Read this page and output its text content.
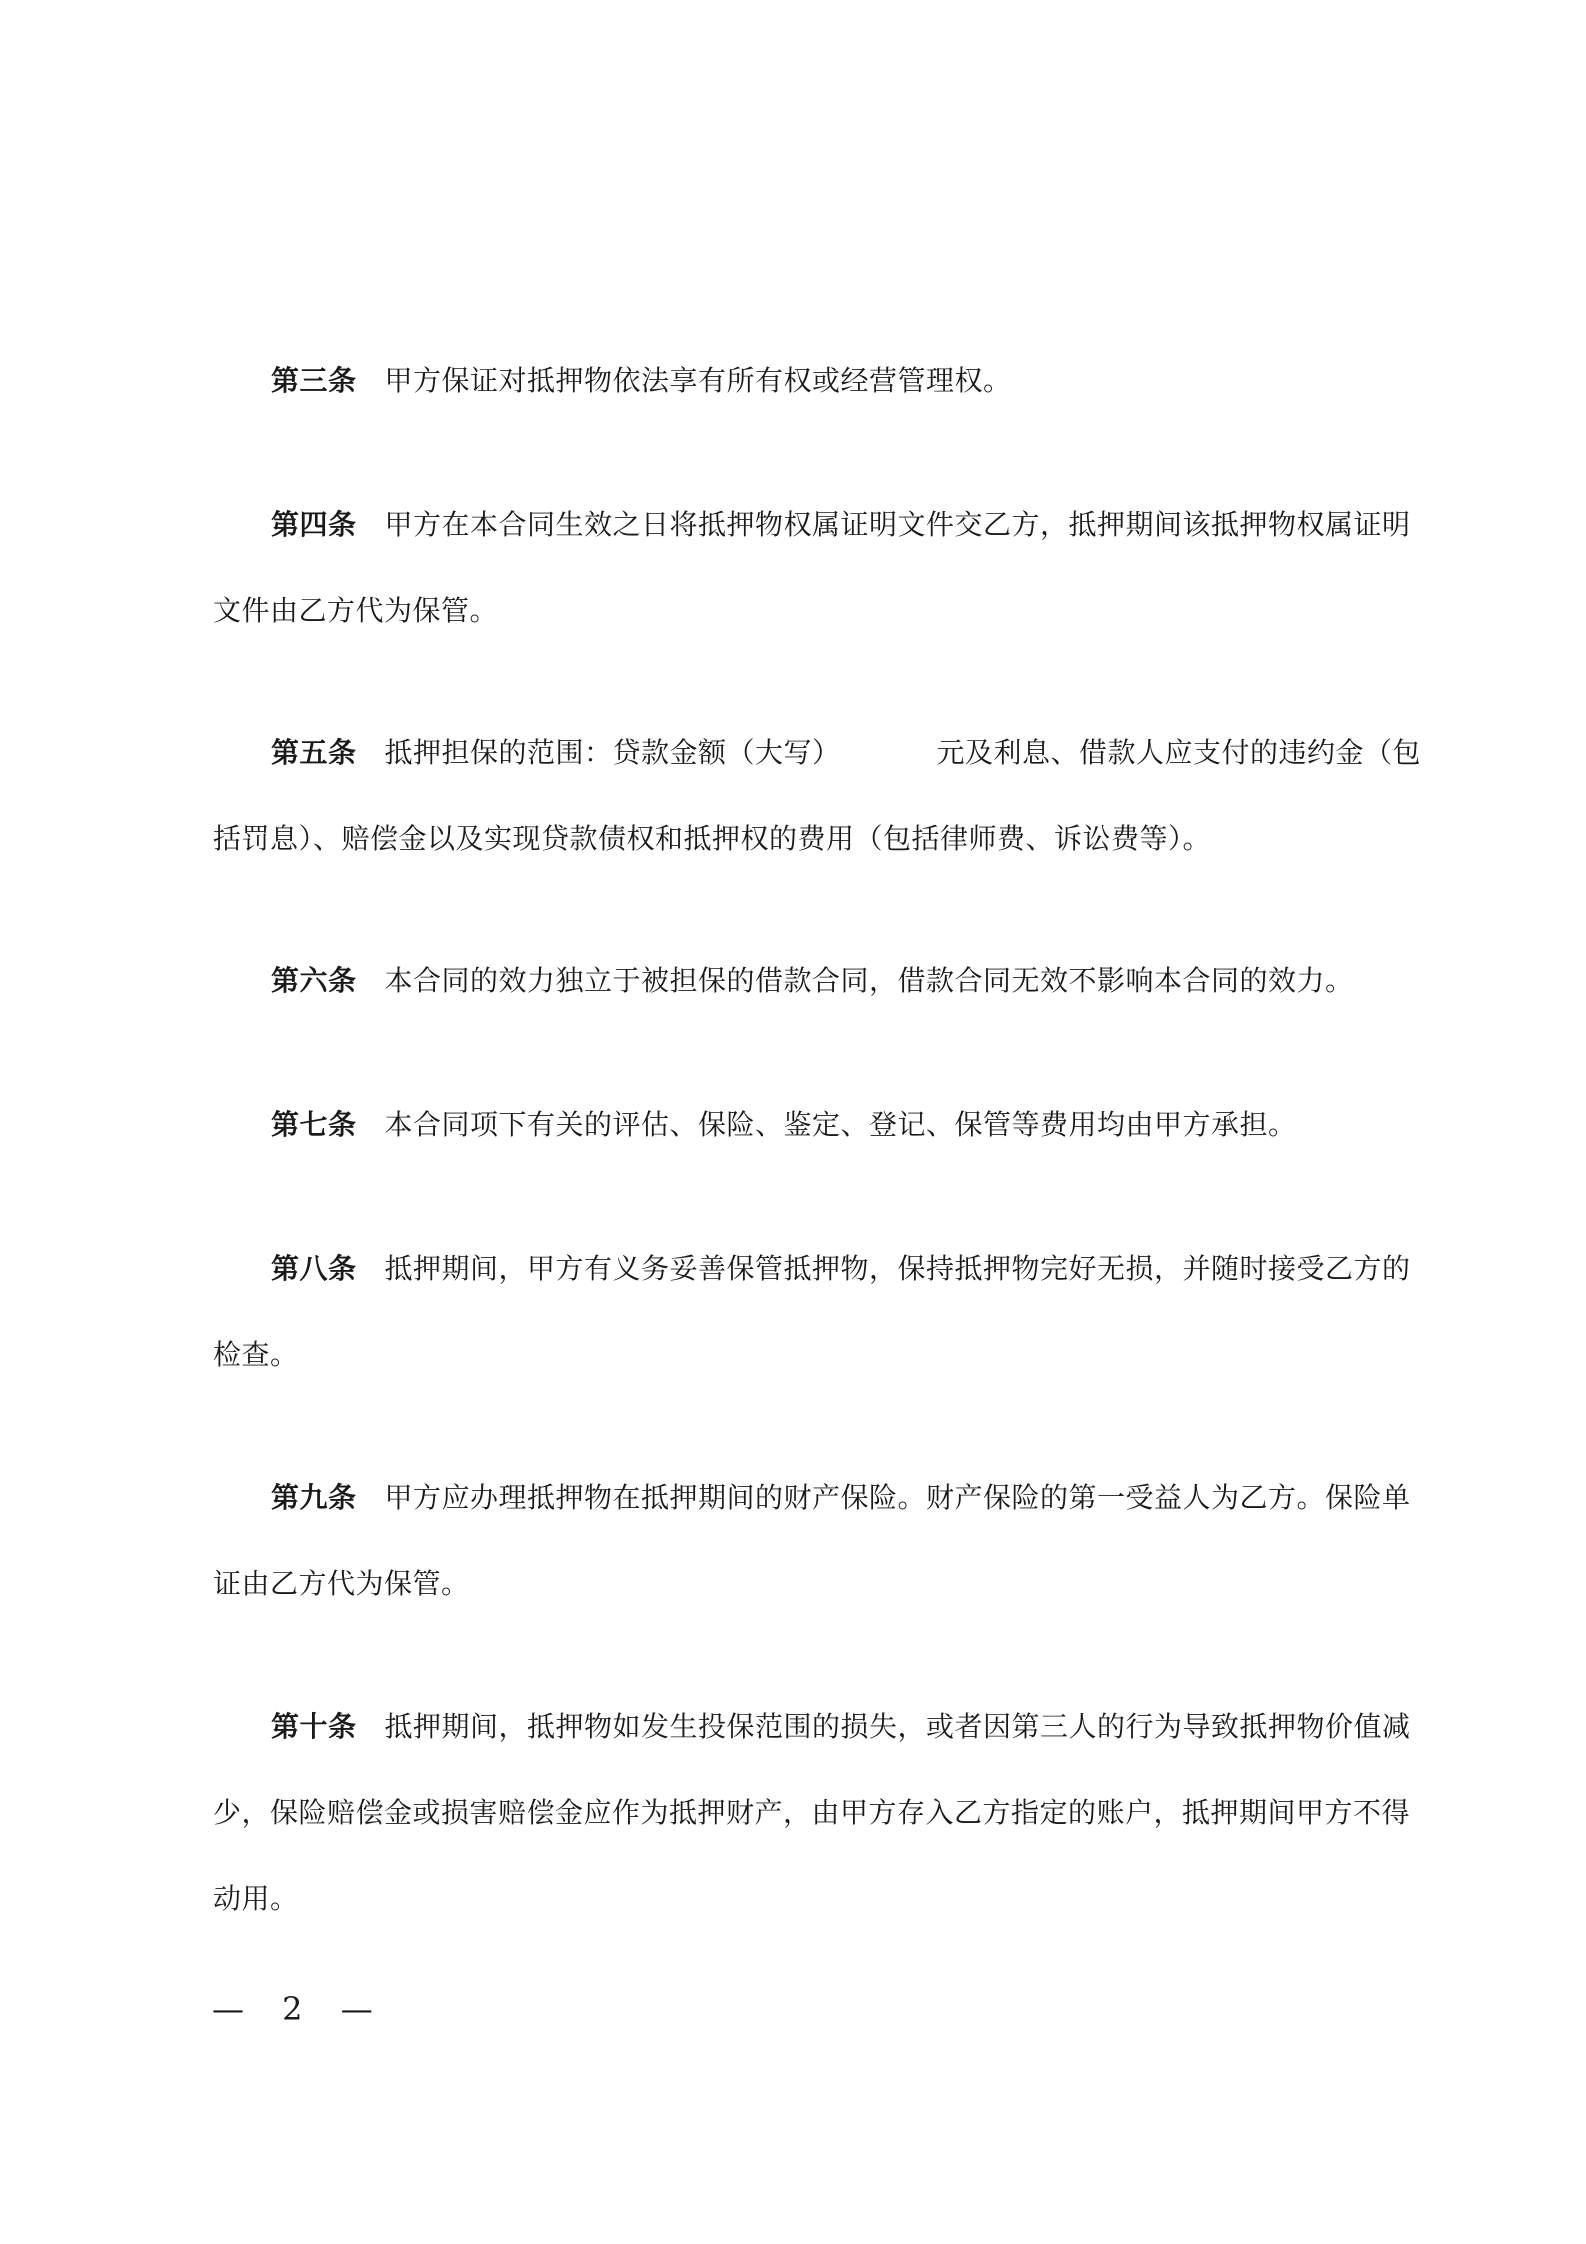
第三条 甲方保证对抵押物依法享有所有权或经营管理权。
第四条 甲方在本合同生效之日将抵押物权属证明文件交乙方，抵押期间该抵押物权属证明
文件由乙方代为保管。
第五条 抵押担保的范围：贷款金额（大写）	元及利息、借款人应支付的违约金（包
括罚息）、赔偿金以及实现贷款债权和抵押权的费用（包括律师费、诉讼费等）。
第六条 本合同的效力独立于被担保的借款合同，借款合同无效不影响本合同的效力。
第七条 本合同项下有关的评估、保险、鉴定、登记、保管等费用均由甲方承担。
第八条 抵押期间，甲方有义务妥善保管抵押物，保持抵押物完好无损，并随时接受乙方的
检查。
第九条 甲方应办理抵押物在抵押期间的财产保险。财产保险的第一受益人为乙方。保险单
证由乙方代为保管。
第十条 抵押期间，抵押物如发生投保范围的损失，或者因第三人的行为导致抵押物价值减
少，保险赔偿金或损害赔偿金应作为抵押财产，由甲方存入乙方指定的账户，抵押期间甲方不得
动用。
— 2 —
